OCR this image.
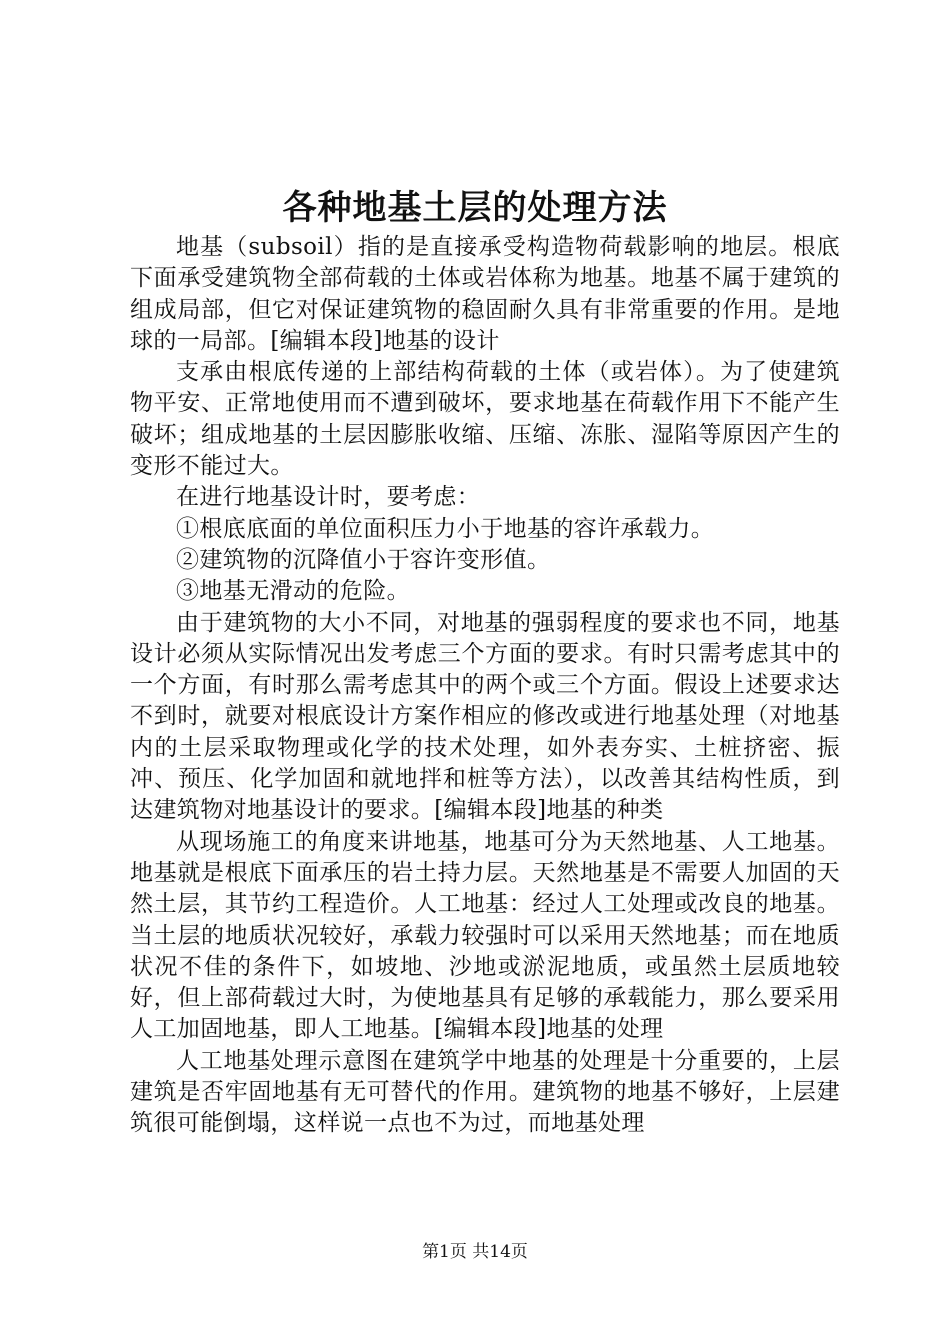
各种地基土层的处理方法

地基（subsoil）指的是直接承受构造物荷载影响的地层。根底下面承受建筑物全部荷载的土体或岩体称为地基。地基不属于建筑的组成局部，但它对保证建筑物的稳固耐久具有非常重要的作用。是地球的一局部。[编辑本段]地基的设计

支承由根底传递的上部结构荷载的土体（或岩体）。为了使建筑物平安、正常地使用而不遭到破坏，要求地基在荷载作用下不能产生破坏；组成地基的土层因膨胀收缩、压缩、冻胀、湿陷等原因产生的变形不能过大。

在进行地基设计时，要考虑：

①根底底面的单位面积压力小于地基的容许承载力。

②建筑物的沉降值小于容许变形值。

③地基无滑动的危险。

由于建筑物的大小不同，对地基的强弱程度的要求也不同，地基设计必须从实际情况出发考虑三个方面的要求。有时只需考虑其中的一个方面，有时那么需考虑其中的两个或三个方面。假设上述要求达不到时，就要对根底设计方案作相应的修改或进行地基处理（对地基内的土层采取物理或化学的技术处理，如外表夯实、土桩挤密、振冲、预压、化学加固和就地拌和桩等方法），以改善其结构性质，到达建筑物对地基设计的要求。[编辑本段]地基的种类

从现场施工的角度来讲地基，地基可分为天然地基、人工地基。地基就是根底下面承压的岩土持力层。天然地基是不需要人加固的天然土层，其节约工程造价。人工地基：经过人工处理或改良的地基。当土层的地质状况较好，承载力较强时可以采用天然地基；而在地质状况不佳的条件下，如坡地、沙地或淤泥地质，或虽然土层质地较好，但上部荷载过大时，为使地基具有足够的承载能力，那么要采用人工加固地基，即人工地基。[编辑本段]地基的处理

人工地基处理示意图在建筑学中地基的处理是十分重要的，上层建筑是否牢固地基有无可替代的作用。建筑物的地基不够好，上层建筑很可能倒塌，这样说一点也不为过，而地基处理

第1页 共14页
